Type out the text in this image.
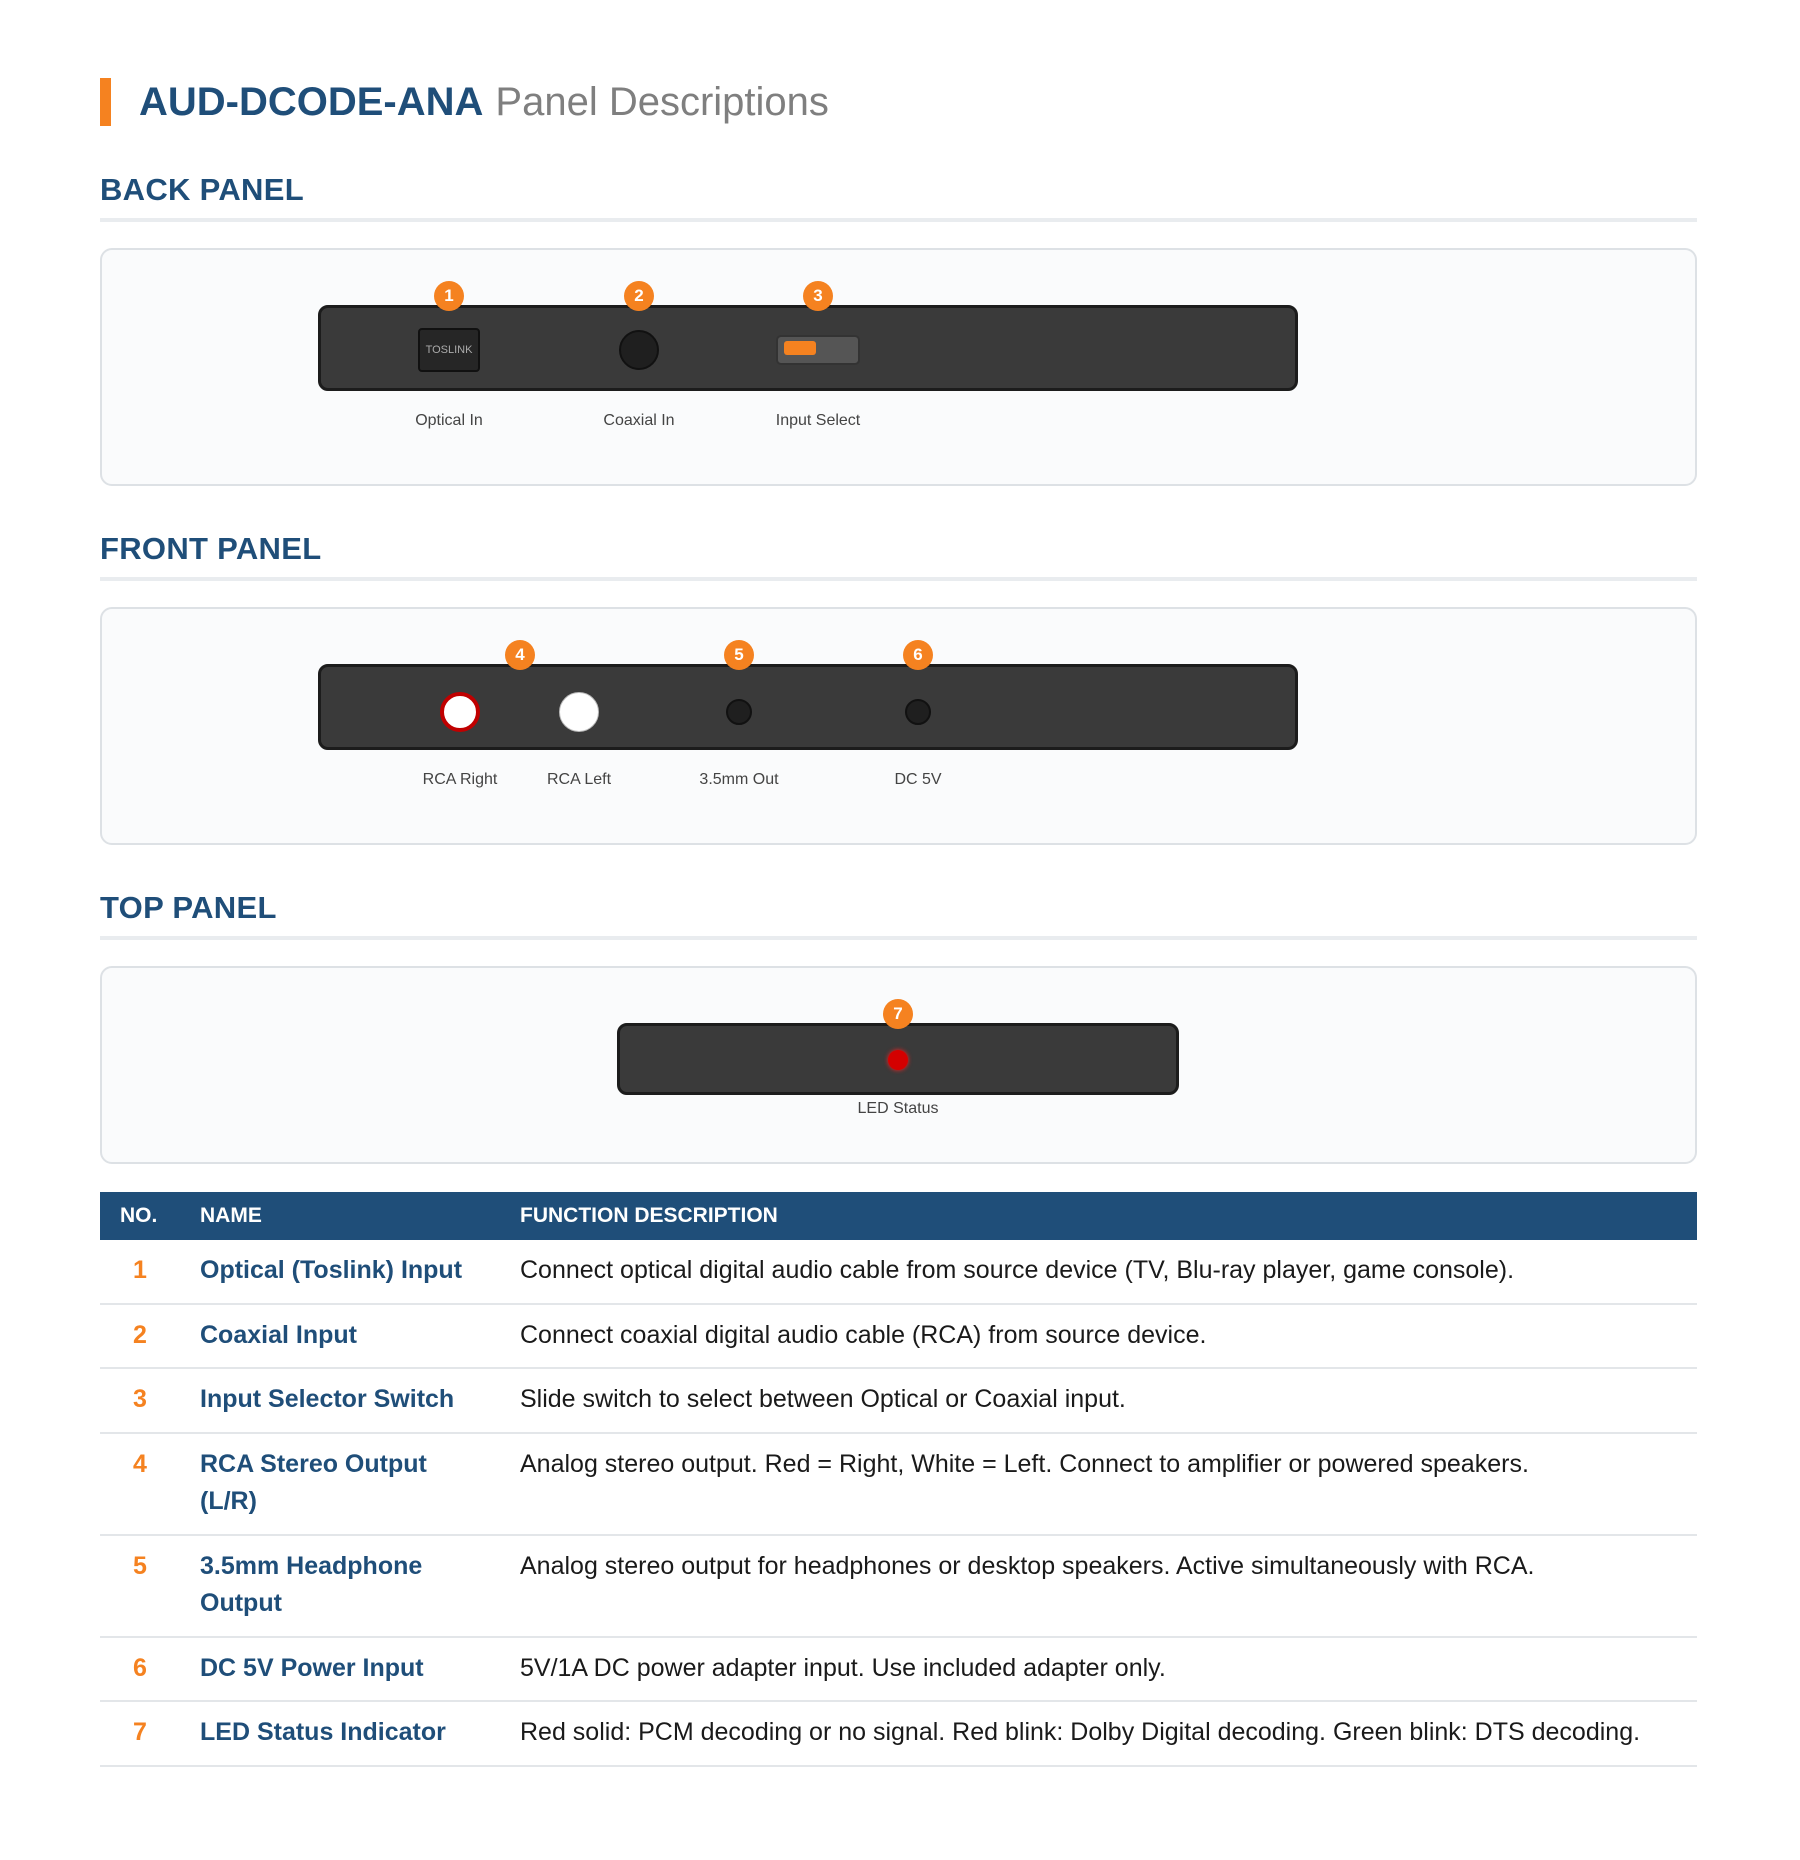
AUD-DCODE-ANA Panel Descriptions
BACK PANEL
1
TOSLINK
Optical In
2
Coaxial In
3
Input Select
FRONT PANEL
4	5	6
RCA Right	RCA Left	3.5mm Out	DC 5V
TOP PANEL
7
LED Status
NO.	NAME	FUNCTION DESCRIPTION
1	Optical (Toslink) Input	Connect optical digital audio cable from source device (TV, Blu-ray player, game console).
2	Coaxial Input	Connect coaxial digital audio cable (RCA) from source device.
3	Input Selector Switch	Slide switch to select between Optical or Coaxial input.
4	RCA Stereo Output (L/R)	Analog stereo output. Red = Right, White = Left. Connect to amplifier or powered speakers.
5	3.5mm Headphone Output	Analog stereo output for headphones or desktop speakers. Active simultaneously with RCA.
6	DC 5V Power Input	5V/1A DC power adapter input. Use included adapter only.
7	LED Status Indicator	Red solid: PCM decoding or no signal. Red blink: Dolby Digital decoding. Green blink: DTS decoding.
